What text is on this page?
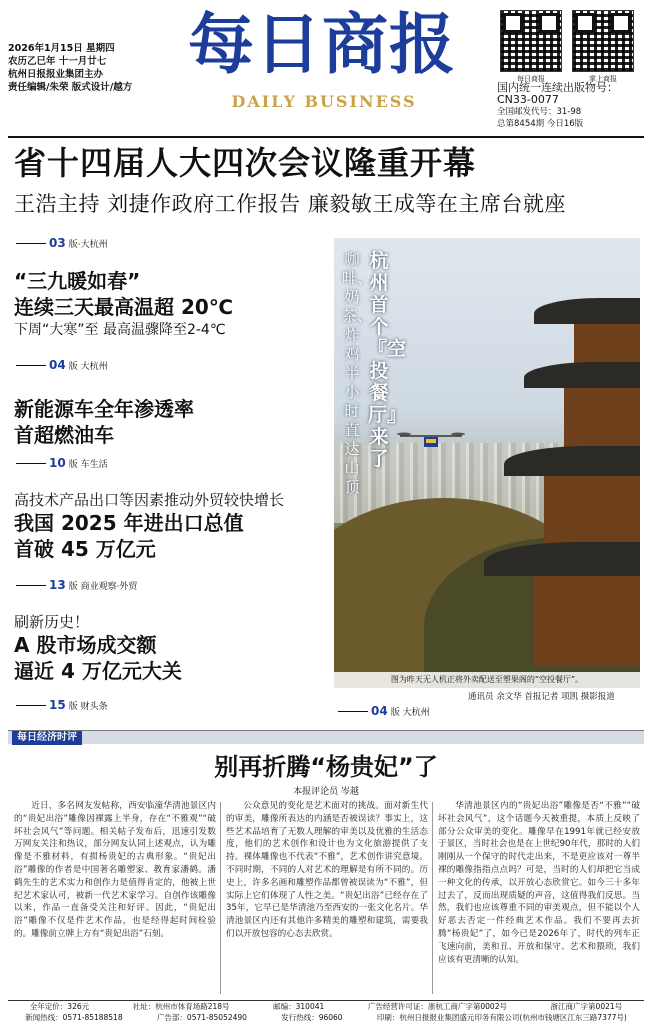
2026年1月15日 星期四
农历乙巳年 十一月廿七
杭州日报报业集团主办
责任编辑/朱荣 版式设计/越方
每日商报
DAILY BUSINESS
每日商报	掌上商报
国内统一连续出版物号：CN33-0077
全国邮发代号：31-98
总第8454期 今日16版
省十四届人大四次会议隆重开幕
王浩主持 刘捷作政府工作报告 廉毅敏王成等在主席台就座
03 版·大杭州
“三九暖如春”
连续三天最高温超 20℃
下周“大寒”至 最高温骤降至2-4℃
04 版 大杭州
新能源车全年渗透率
首超燃油车
10 版 车生活
高技术产品出口等因素推动外贸较快增长
我国 2025 年进出口总值
首破 45 万亿元
13 版 商业观察·外贸
刷新历史！
A 股市场成交额
逼近 4 万亿元大关
15 版 财头条
杭州首个『空投餐厅』来了
咖啡、奶茶、炸鸡半小时直达山顶
图为昨天无人机正将外卖配送至塑果阁的“空投餐厅”。
通讯员 余文华 首报记者 项凯 摄影报道
04 版 大杭州
每日经济时评
别再折腾“杨贵妃”了
本报评论员 岑越

近日，多名网友发帖称，西安临潼华清池景区内的“贵妃出浴”雕像因裸露上半身，存在“不雅观”“破坏社会风气”等问题。相关帖子发布后，迅速引发数万网友关注和热议，部分网友认同上述观点，认为雕像是不雅材料，有损杨贵妃的古典形象。“贵妃出浴”雕像的作者是中国著名雕塑家、教育家潘鹤。潘鹤先生的艺术实力和创作力是值得肯定的，他被上世纪艺术家认可，被新一代艺术家学习。自创作该雕像以来，作品一直备受关注和好评。因此，“贵妃出浴”雕像不仅是件艺术作品，也是经得起时间检验的。雕像前立牌上方有“贵妃出浴”石刻。

公众意见的变化是艺术面对的挑战。面对新生代的审美，雕像所表达的内涵是否被误读？事实上，这些艺术品培育了无数人理解的审美以及优雅的生活态度，他们的艺术创作和设计也为文化旅游提供了支持。裸体雕像也不代表“不雅”，艺术创作讲究意境。不同时期，不同的人对艺术的理解是有所不同的。历史上，许多名画和雕塑作品都曾被误读为“不雅”，但实际上它们体现了人性之美。“贵妃出浴”已经存在了35年，它早已是华清池乃至西安的一张文化名片。华清池景区内还有其他许多精美的雕塑和建筑，需要我们以开放包容的心态去欣赏。

华清池景区内的“贵妃出浴”雕像是否“不雅”“破坏社会风气”，这个话题今天被重提，本质上反映了部分公众审美的变化。雕像早在1991年就已经安放于景区，当时社会也是在上世纪90年代，那时的人们刚刚从一个保守的时代走出来，不是更应该对一尊半裸的雕像指指点点吗？可是，当时的人们却把它当成一种文化的传承，以开放心态欣赏它。如今三十多年过去了，反而出现质疑的声音，这值得我们反思。当然，我们也应该尊重不同的审美观点，但不能以个人好恶去否定一件经典艺术作品。我们不要再去折腾“杨贵妃”了，如今已是2026年了，时代的列车正飞速向前，美和丑、开放和保守、艺术和猥琐，我们应该有更清晰的认知。

全年定价：326元	社址：杭州市体育场路218号	邮编：310041	广告经营许可证：浙杭工商广字第0002号	浙江商广字第0021号
新闻热线：0571-85188518	广告部：0571-85052490	发行热线：96060	印刷：杭州日报报业集团盛元印务有限公司(杭州市钱塘区江东三路7377号)
